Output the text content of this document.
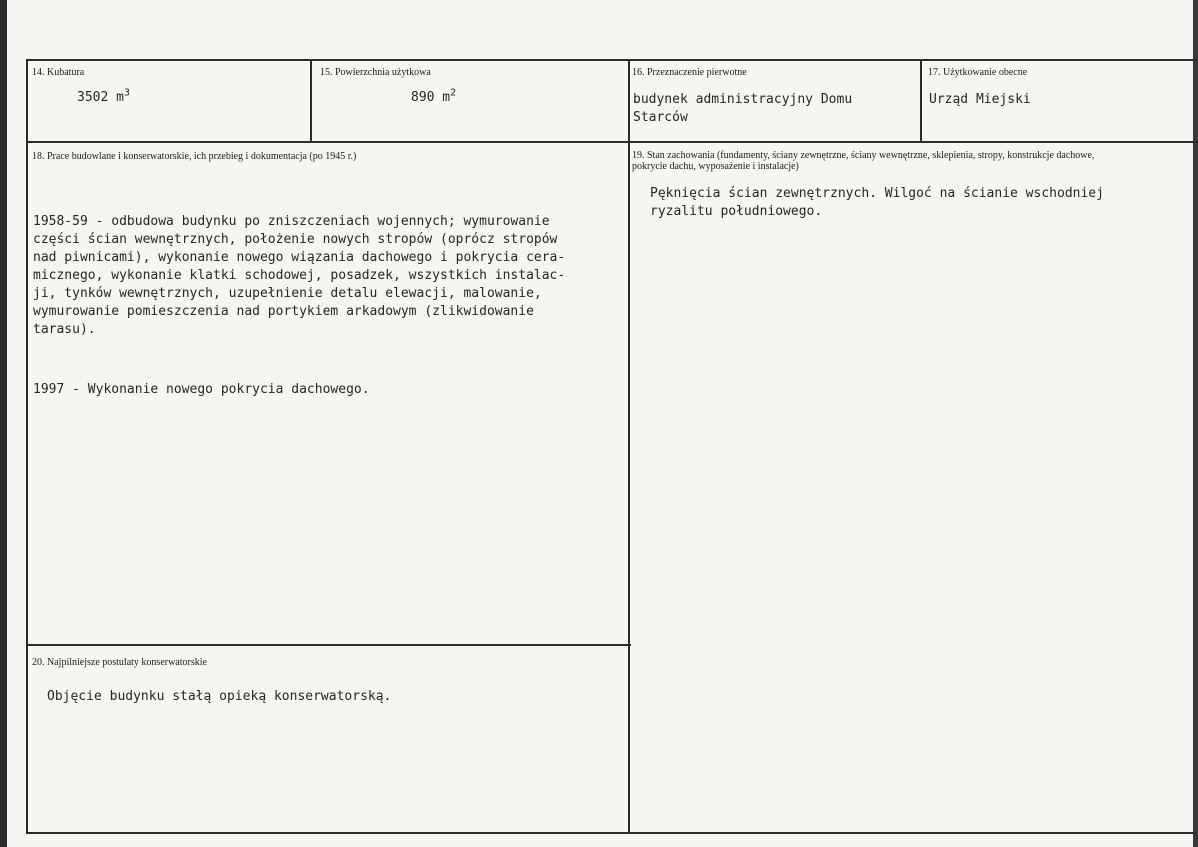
14. Kubatura
3502 $m^3$
15. Powierzchnia użytkowa
890 $m^2$
16. Przeznaczenie pierwotne
budynek administracyjny Domu
Starców
17. Użytkowanie obecne
Urząd Miejski
18. Prace budowlane i konserwatorskie, ich przebieg i dokumentacja (po 1945 r.)

1958-59 - odbudowa budynku po zniszczeniach wojennych; wymurowanie
części ścian wewnętrznych, położenie nowych stropów (oprócz stropów
nad piwnicami), wykonanie nowego wiązania dachowego i pokrycia cera-
micznego, wykonanie klatki schodowej, posadzek, wszystkich instalac-
ji, tynków wewnętrznych, uzupełnienie detalu elewacji, malowanie,
wymurowanie pomieszczenia nad portykiem arkadowym (zlikwidowanie
tarasu).

1997 - Wykonanie nowego pokrycia dachowego.

19. Stan zachowania (fundamenty, ściany zewnętrzne, ściany wewnętrzne, sklepienia, stropy, konstrukcje dachowe,
pokrycie dachu, wyposażenie i instalacje)
Pęknięcia ścian zewnętrznych. Wilgoć na ścianie wschodniej
ryzalitu południowego.
20. Najpilniejsze postulaty konserwatorskie
Objęcie budynku stałą opieką konserwatorską.
